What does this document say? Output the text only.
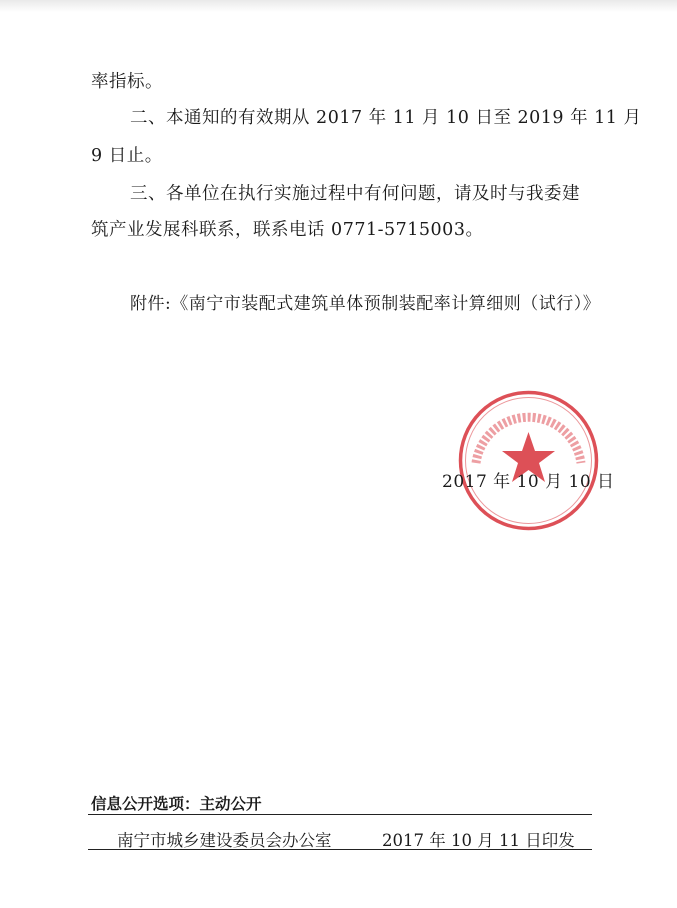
率指标。
二、本通知的有效期从 2017 年 11 月 10 日至 2019 年 11 月
9 日止。
三、各单位在执行实施过程中有何问题，请及时与我委建
筑产业发展科联系，联系电话 0771-5715003。
附件:《南宁市装配式建筑单体预制装配率计算细则（试行）》
2017 年 10 月 10 日
信息公开选项：主动公开
南宁市城乡建设委员会办公室	2017 年 10 月 11 日印发
